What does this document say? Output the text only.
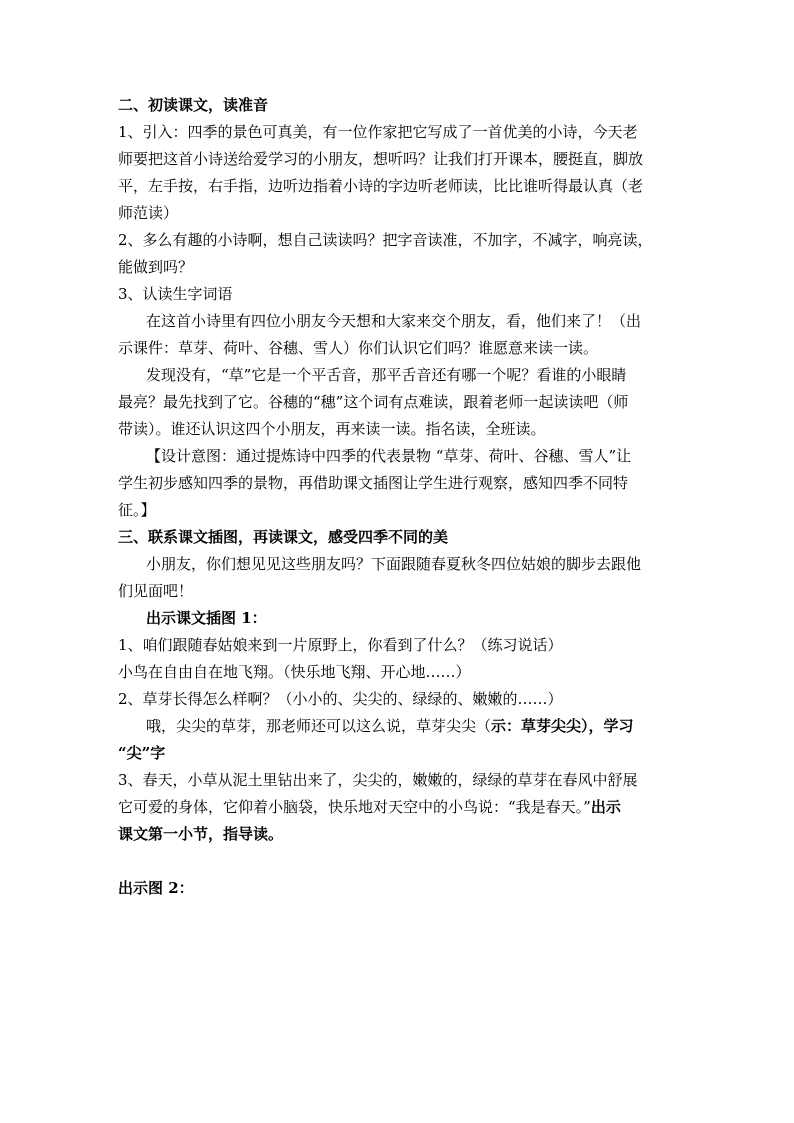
二、初读课文，读准音

1、引入：四季的景色可真美，有一位作家把它写成了一首优美的小诗，今天老

师要把这首小诗送给爱学习的小朋友，想听吗？让我们打开课本，腰挺直，脚放

平，左手按，右手指，边听边指着小诗的字边听老师读，比比谁听得最认真（老

师范读）

2、多么有趣的小诗啊，想自己读读吗？把字音读准，不加字，不减字，响亮读，

能做到吗？

3、认读生字词语

在这首小诗里有四位小朋友今天想和大家来交个朋友，看，他们来了！（出

示课件：草芽、荷叶、谷穗、雪人）你们认识它们吗？谁愿意来读一读。

发现没有，“草”它是一个平舌音，那平舌音还有哪一个呢？看谁的小眼睛

最亮？最先找到了它。谷穗的“穗”这个词有点难读，跟着老师一起读读吧（师

带读）。谁还认识这四个小朋友，再来读一读。指名读，全班读。

【设计意图：通过提炼诗中四季的代表景物 “草芽、荷叶、谷穗、雪人”让

学生初步感知四季的景物，再借助课文插图让学生进行观察，感知四季不同特

征。】

三、联系课文插图，再读课文，感受四季不同的美

小朋友，你们想见见这些朋友吗？下面跟随春夏秋冬四位姑娘的脚步去跟他

们见面吧！

出示课文插图 1：

1、咱们跟随春姑娘来到一片原野上，你看到了什么？（练习说话）

小鸟在自由自在地飞翔。（快乐地飞翔、开心地……）

2、草芽长得怎么样啊？（小小的、尖尖的、绿绿的、嫩嫩的……）

哦，尖尖的草芽，那老师还可以这么说，草芽尖尖（示：草芽尖尖），学习

“尖”字

3、春天，小草从泥土里钻出来了，尖尖的，嫩嫩的，绿绿的草芽在春风中舒展

它可爱的身体，它仰着小脑袋，快乐地对天空中的小鸟说：“我是春天。”出示

课文第一小节，指导读。

出示图 2：
